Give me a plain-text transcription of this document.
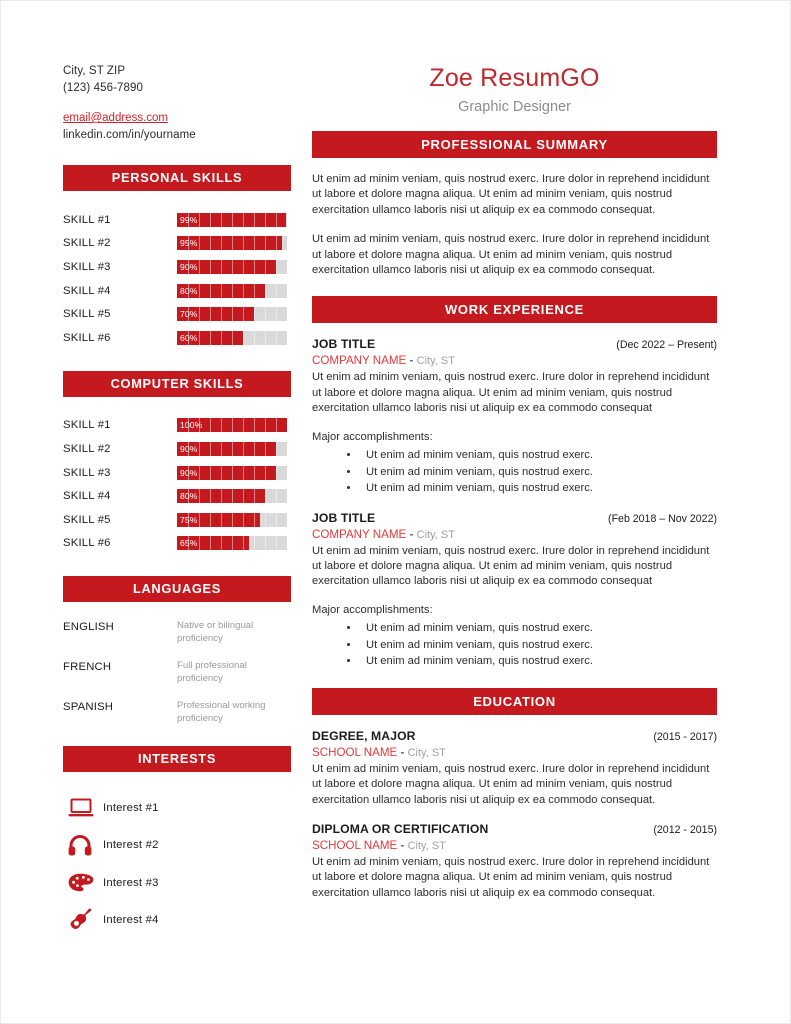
City, ST ZIP
(123) 456-7890
email@address.com
linkedin.com/in/yourname
PERSONAL SKILLS
SKILL #1	99%
SKILL #2	95%
SKILL #3	90%
SKILL #4	80%
SKILL #5	70%
SKILL #6	60%
COMPUTER SKILLS
SKILL #1	100%
SKILL #2	90%
SKILL #3	90%
SKILL #4	80%
SKILL #5	75%
SKILL #6	65%
LANGUAGES
ENGLISH	Native or bilingual proficiency
FRENCH	Full professional proficiency
SPANISH	Professional working proficiency
INTERESTS
Interest #1
Interest #2
Interest #3
Interest #4
Zoe ResumGO
Graphic Designer
PROFESSIONAL SUMMARY
Ut enim ad minim veniam, quis nostrud exerc. Irure dolor in reprehend incididunt ut labore et dolore magna aliqua. Ut enim ad minim veniam, quis nostrud exercitation ullamco laboris nisi ut aliquip ex ea commodo consequat.
Ut enim ad minim veniam, quis nostrud exerc. Irure dolor in reprehend incididunt ut labore et dolore magna aliqua. Ut enim ad minim veniam, quis nostrud exercitation ullamco laboris nisi ut aliquip ex ea commodo consequat.
WORK EXPERIENCE
JOB TITLE	(Dec 2022 – Present)
COMPANY NAME - City, ST
Ut enim ad minim veniam, quis nostrud exerc. Irure dolor in reprehend incididunt ut labore et dolore magna aliqua. Ut enim ad minim veniam, quis nostrud exercitation ullamco laboris nisi ut aliquip ex ea commodo consequat
Major accomplishments:
• Ut enim ad minim veniam, quis nostrud exerc.
• Ut enim ad minim veniam, quis nostrud exerc.
• Ut enim ad minim veniam, quis nostrud exerc.
JOB TITLE	(Feb 2018 – Nov 2022)
COMPANY NAME - City, ST
Ut enim ad minim veniam, quis nostrud exerc. Irure dolor in reprehend incididunt ut labore et dolore magna aliqua. Ut enim ad minim veniam, quis nostrud exercitation ullamco laboris nisi ut aliquip ex ea commodo consequat
Major accomplishments:
• Ut enim ad minim veniam, quis nostrud exerc.
• Ut enim ad minim veniam, quis nostrud exerc.
• Ut enim ad minim veniam, quis nostrud exerc.
EDUCATION
DEGREE, MAJOR	(2015 - 2017)
SCHOOL NAME - City, ST
Ut enim ad minim veniam, quis nostrud exerc. Irure dolor in reprehend incididunt ut labore et dolore magna aliqua. Ut enim ad minim veniam, quis nostrud exercitation ullamco laboris nisi ut aliquip ex ea commodo consequat.
DIPLOMA OR CERTIFICATION	(2012 - 2015)
SCHOOL NAME - City, ST
Ut enim ad minim veniam, quis nostrud exerc. Irure dolor in reprehend incididunt ut labore et dolore magna aliqua. Ut enim ad minim veniam, quis nostrud exercitation ullamco laboris nisi ut aliquip ex ea commodo consequat.
